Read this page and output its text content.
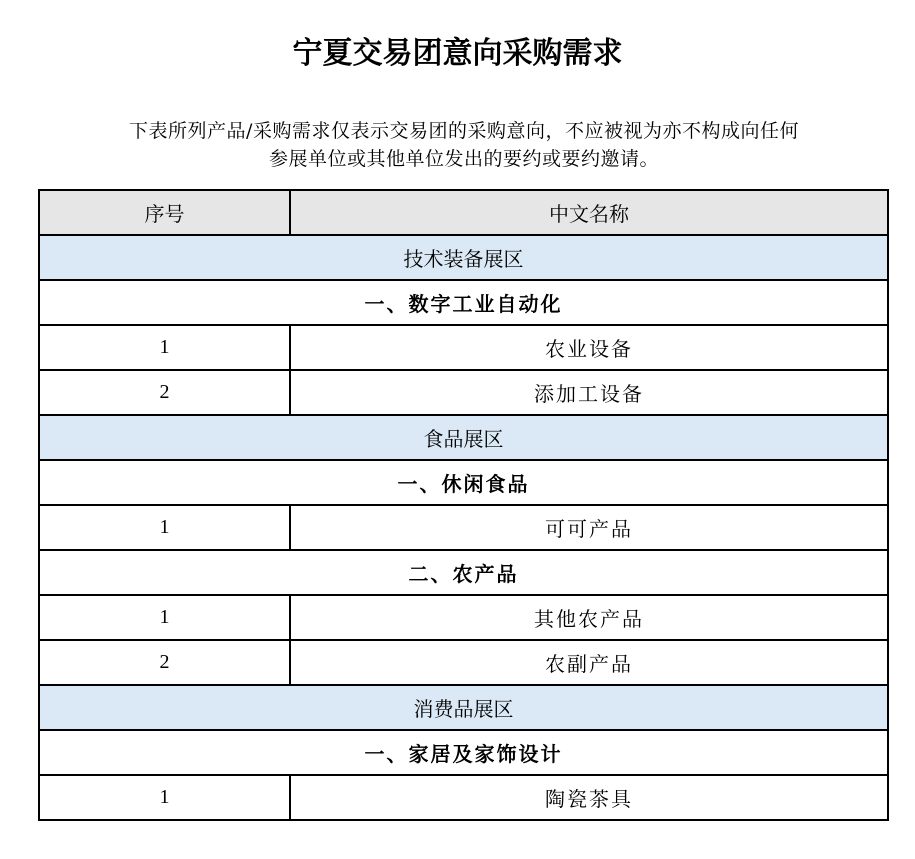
宁夏交易团意向采购需求
下表所列产品/采购需求仅表示交易团的采购意向，不应被视为亦不构成向任何
参展单位或其他单位发出的要约或要约邀请。
序号	中文名称
技术装备展区	
一、数字工业自动化	
1	农业设备
2	添加工设备
食品展区	
一、休闲食品	
1	可可产品
二、农产品	
1	其他农产品
2	农副产品
消费品展区	
一、家居及家饰设计	
1	陶瓷茶具
